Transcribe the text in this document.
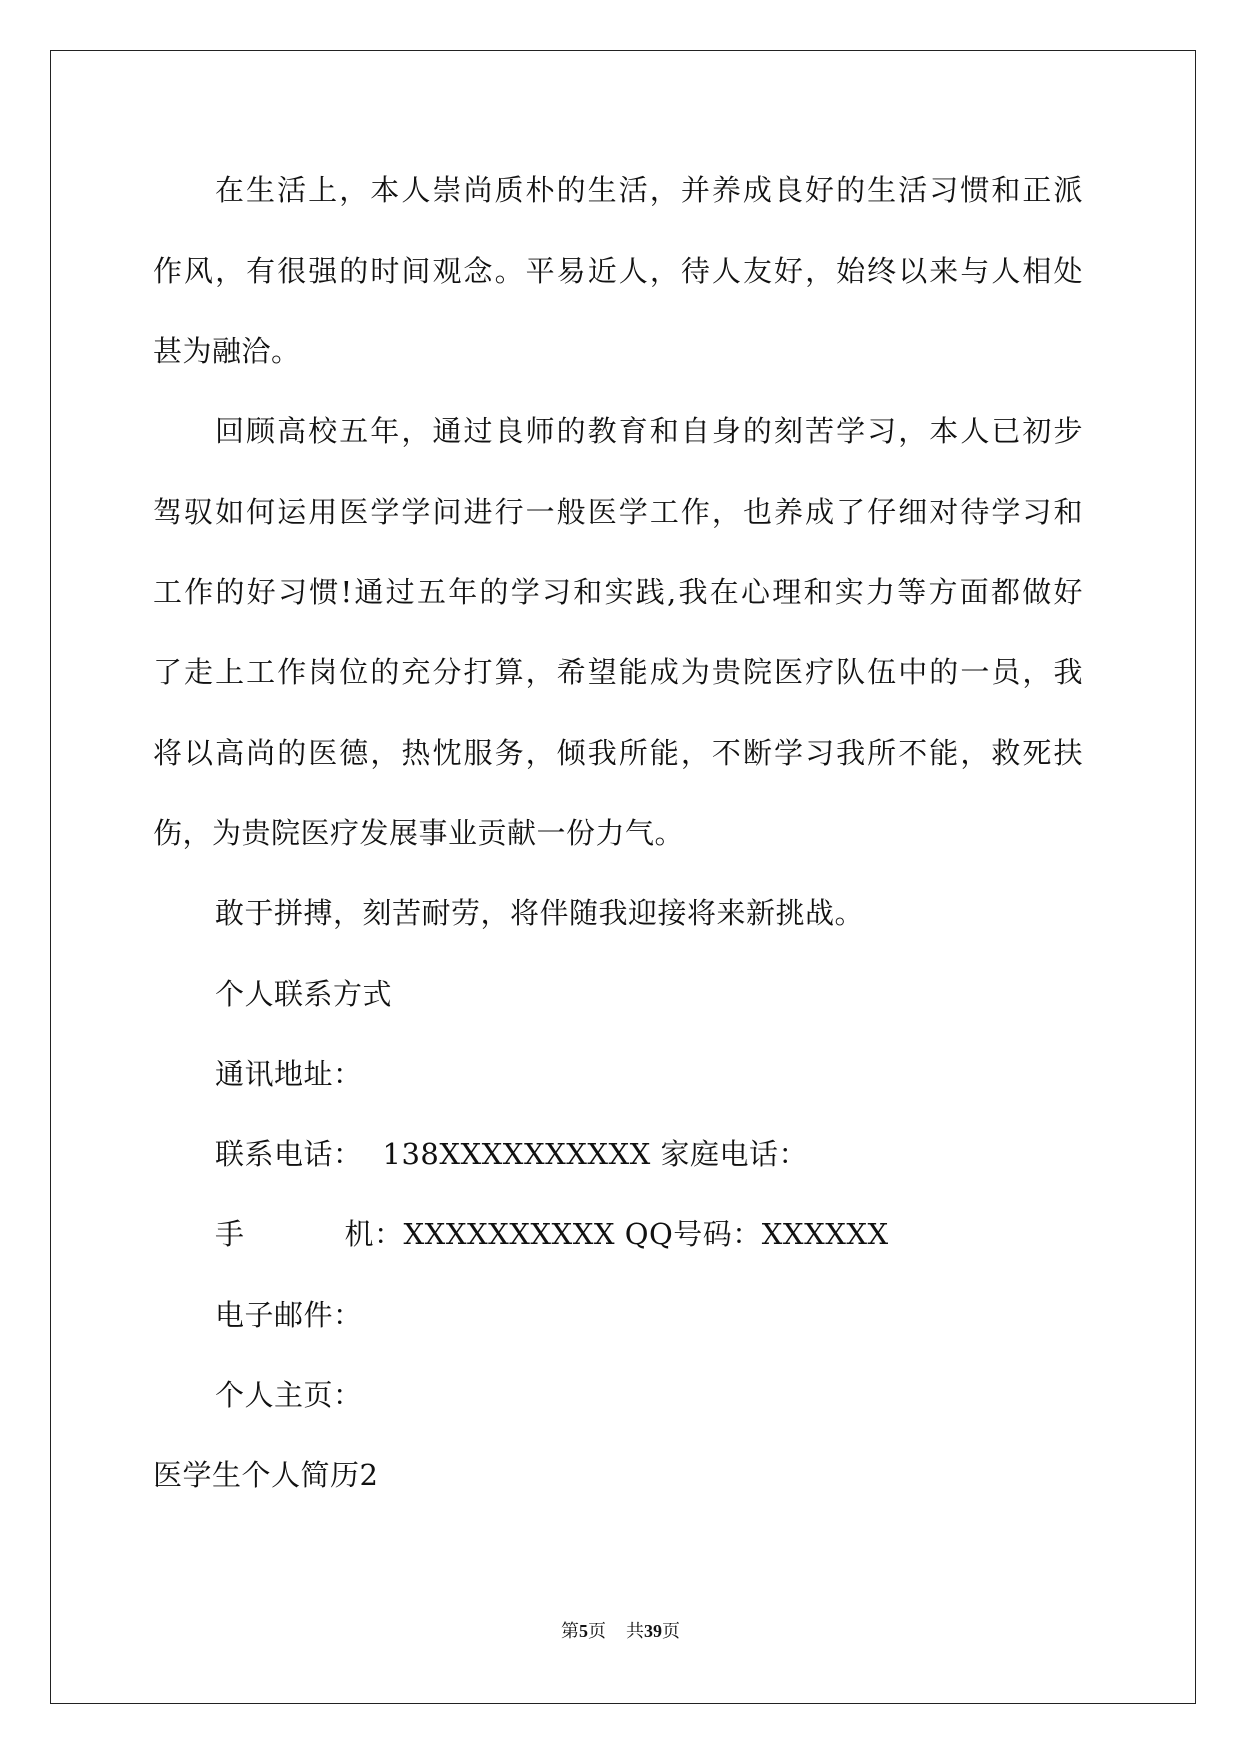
在生活上，本人崇尚质朴的生活，并养成良好的生活习惯和正派

作风，有很强的时间观念。平易近人，待人友好，始终以来与人相处

甚为融洽。

回顾高校五年，通过良师的教育和自身的刻苦学习，本人已初步

驾驭如何运用医学学问进行一般医学工作，也养成了仔细对待学习和

工作的好习惯!通过五年的学习和实践,我在心理和实力等方面都做好

了走上工作岗位的充分打算，希望能成为贵院医疗队伍中的一员，我

将以高尚的医德，热忱服务，倾我所能，不断学习我所不能，救死扶

伤，为贵院医疗发展事业贡献一份力气。

敢于拼搏，刻苦耐劳，将伴随我迎接将来新挑战。

个人联系方式

通讯地址：

联系电话： 138XXXXXXXXXX 家庭电话：

手	机：XXXXXXXXXX QQ号码：XXXXXX

电子邮件：

个人主页：

医学生个人简历2

第5页 共39页
